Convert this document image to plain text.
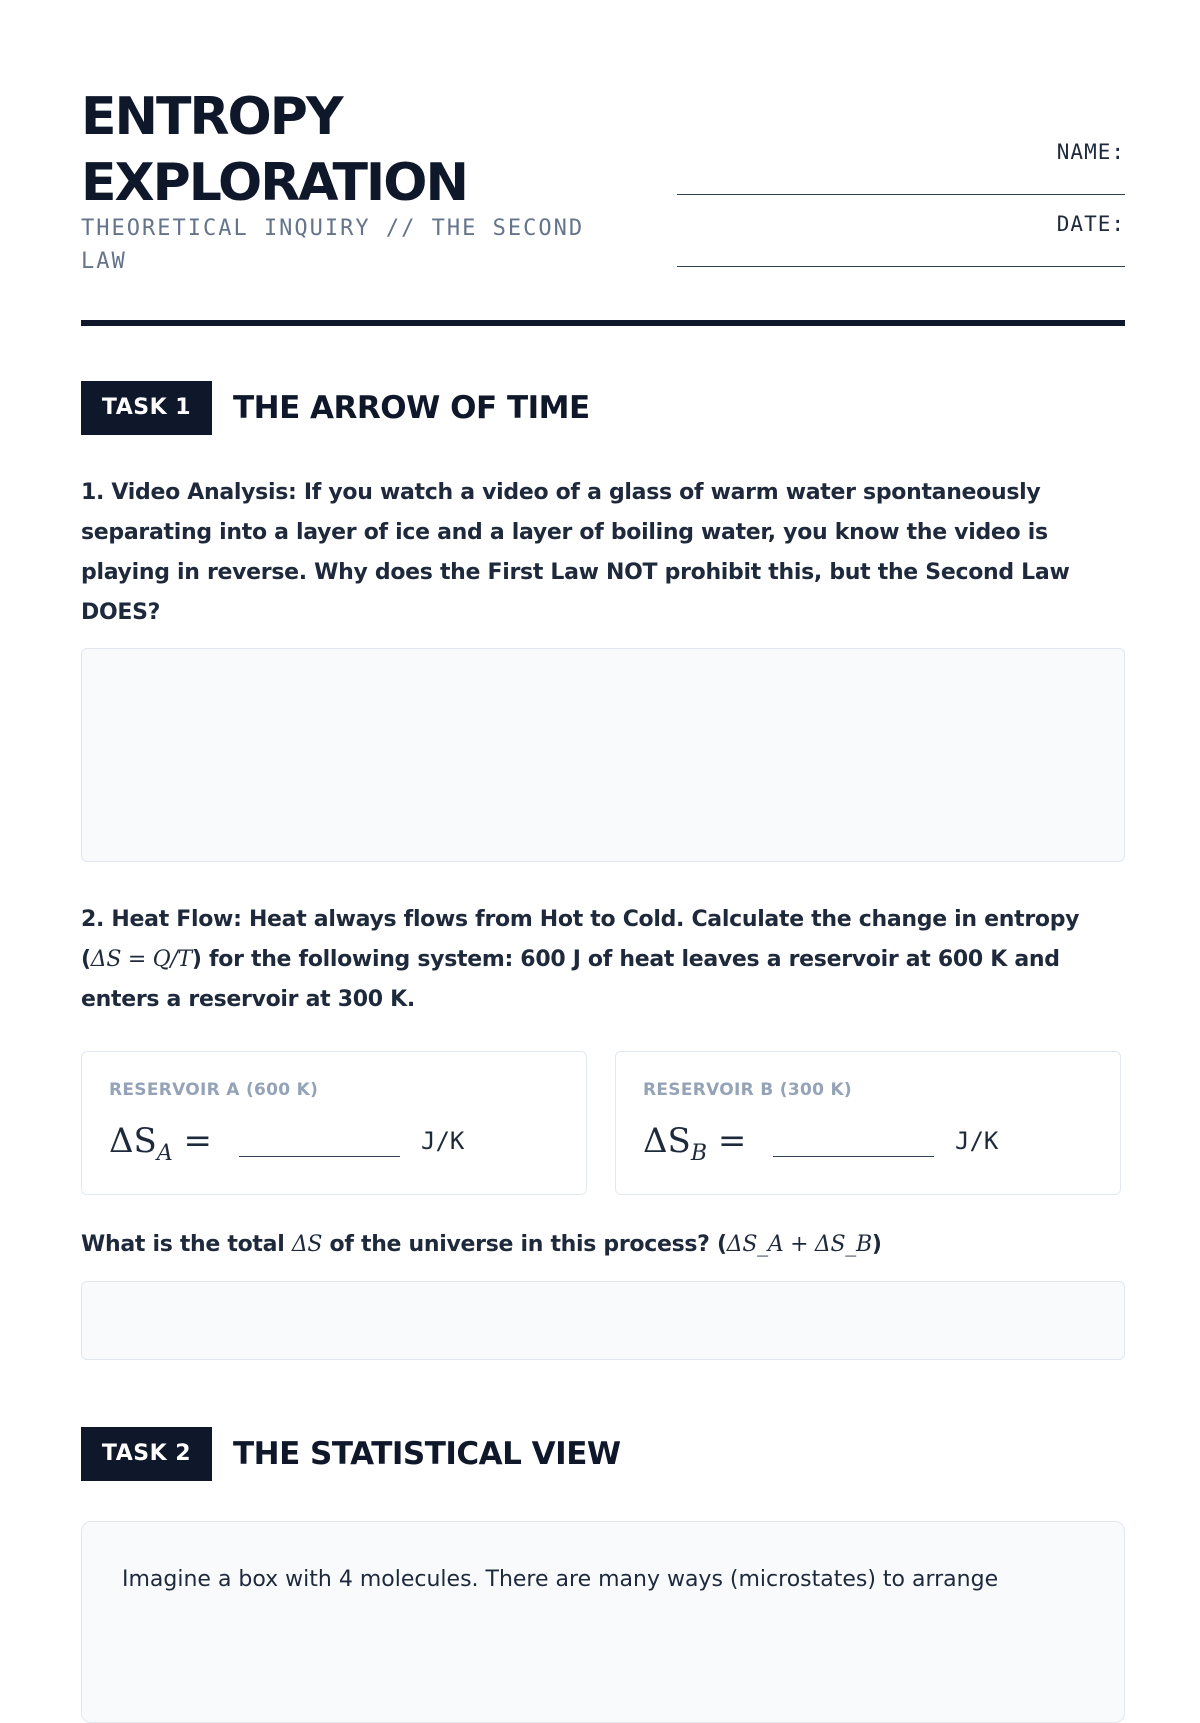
ENTROPY
EXPLORATION
THEORETICAL INQUIRY // THE SECOND LAW
NAME:
DATE:
TASK 1	THE ARROW OF TIME
1. Video Analysis: If you watch a video of a glass of warm water spontaneously separating into a layer of ice and a layer of boiling water, you know the video is playing in reverse. Why does the First Law NOT prohibit this, but the Second Law DOES?
2. Heat Flow: Heat always flows from Hot to Cold. Calculate the change in entropy (ΔS = Q/T) for the following system: 600 J of heat leaves a reservoir at 600 K and enters a reservoir at 300 K.
RESERVOIR A (600 K)
$\Delta S_A$ =	J/K
RESERVOIR B (300 K)
$\Delta S_B$ =	J/K
What is the total ΔS of the universe in this process? (ΔS_A + ΔS_B)
TASK 2	THE STATISTICAL VIEW
Imagine a box with 4 molecules. There are many ways (microstates) to arrange
